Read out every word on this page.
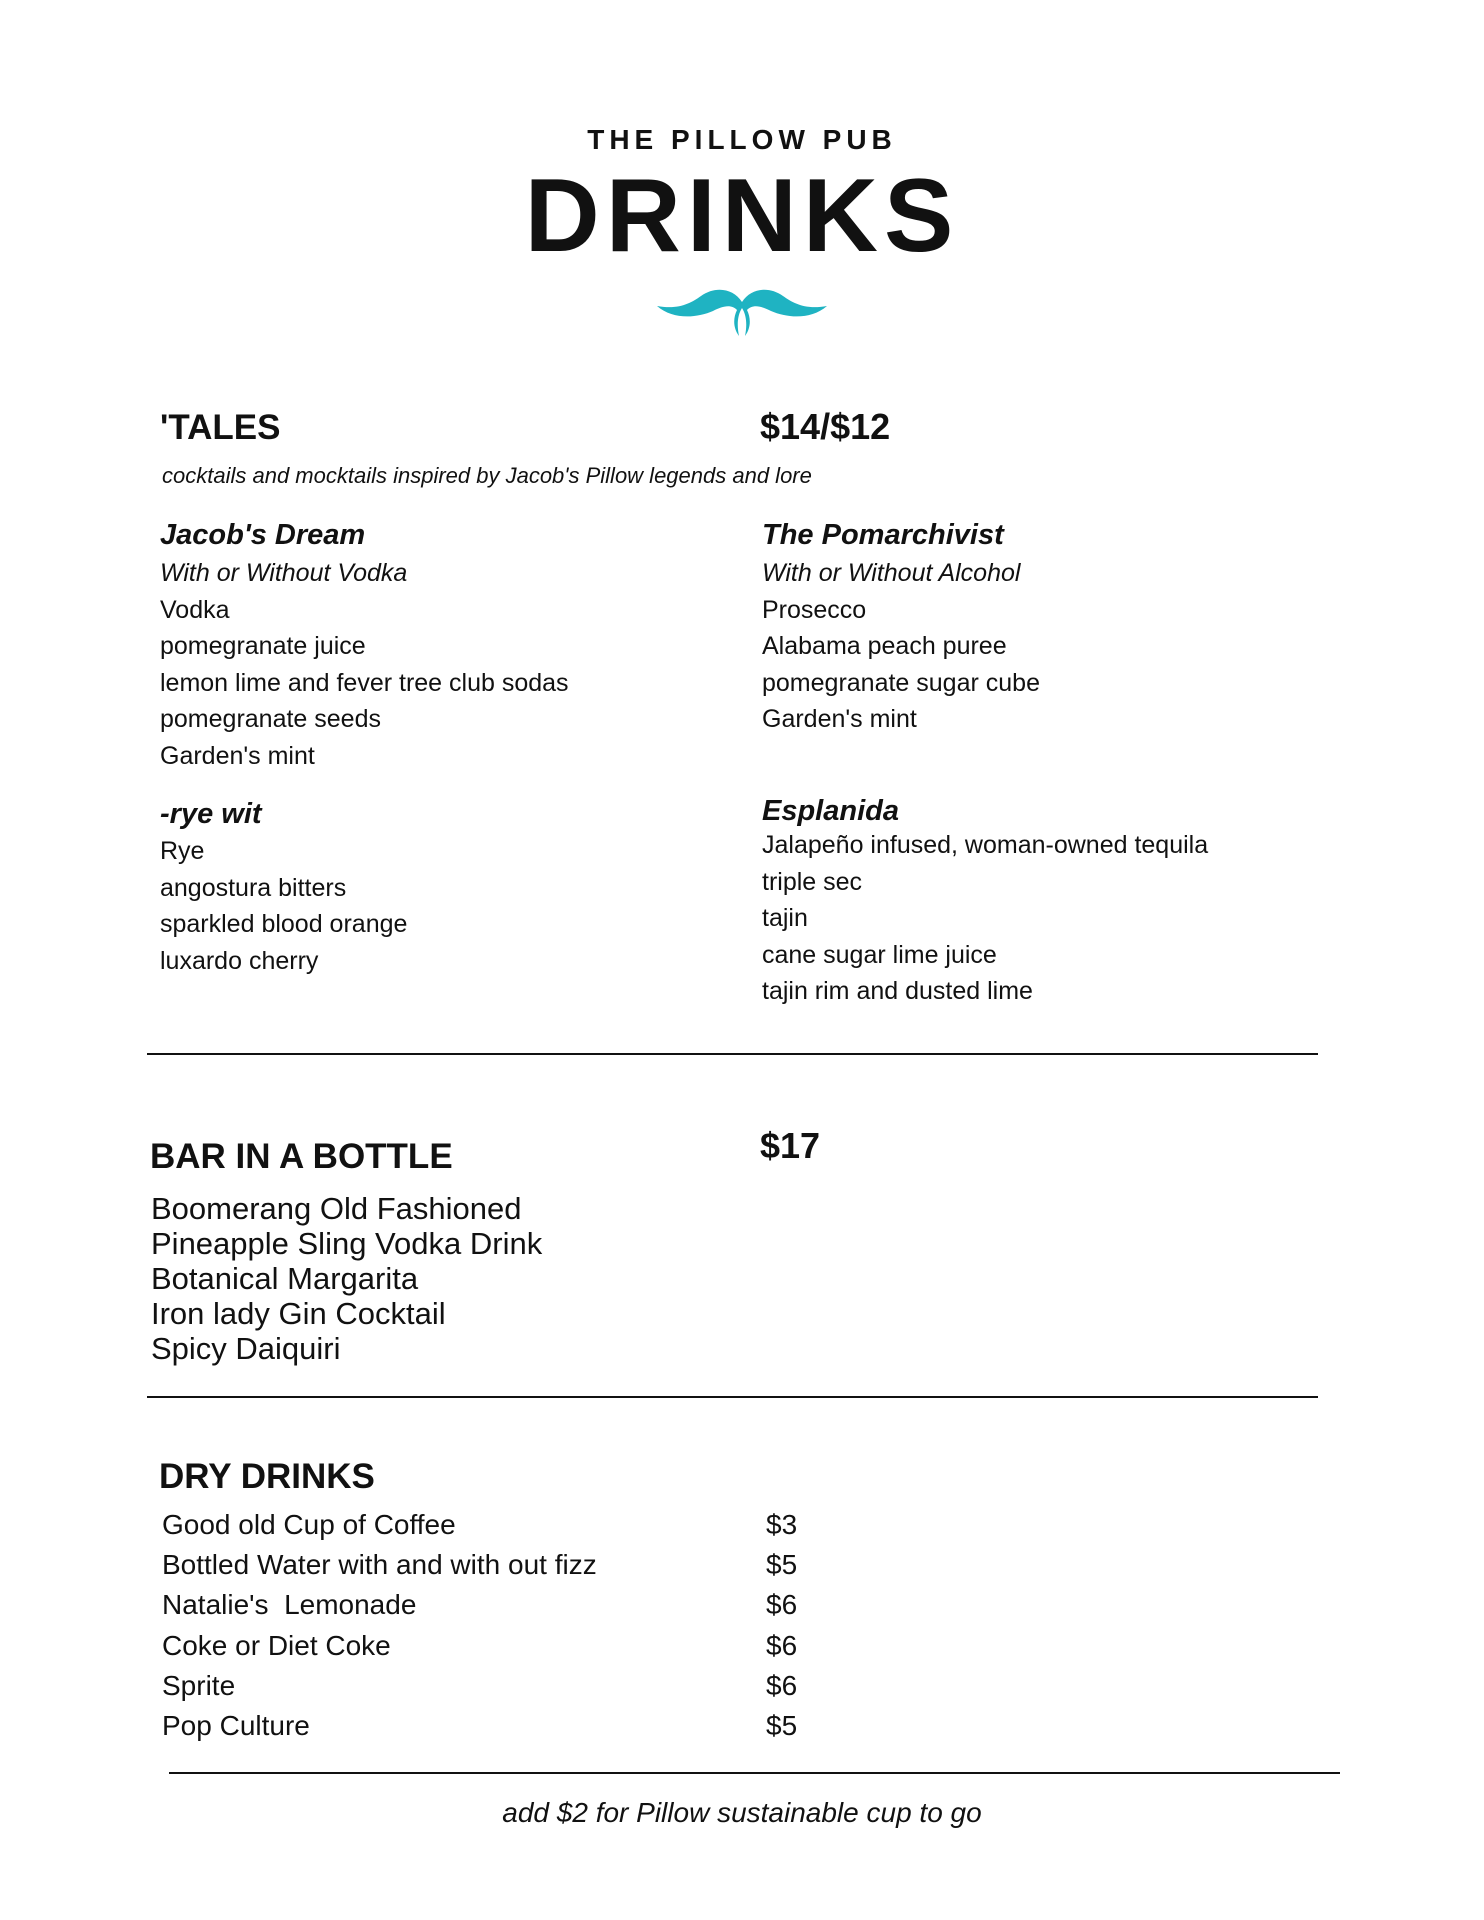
THE PILLOW PUB
DRINKS
'TALES	$14/$12
cocktails and mocktails inspired by Jacob's Pillow legends and lore
Jacob's Dream
With or Without Vodka
Vodka
pomegranate juice
lemon lime and fever tree club sodas
pomegranate seeds
Garden's mint
The Pomarchivist
With or Without Alcohol
Prosecco
Alabama peach puree
pomegranate sugar cube
Garden's mint
-rye wit
Rye
angostura bitters
sparkled blood orange
luxardo cherry
Esplanida
Jalapeño infused, woman-owned tequila
triple sec
tajin
cane sugar lime juice
tajin rim and dusted lime
BAR IN A BOTTLE	$17
Boomerang Old Fashioned
Pineapple Sling Vodka Drink
Botanical Margarita
Iron lady Gin Cocktail
Spicy Daiquiri
DRY DRINKS
Good old Cup of Coffee	$3
Bottled Water with and with out fizz	$5
Natalie's  Lemonade	$6
Coke or Diet Coke	$6
Sprite	$6
Pop Culture	$5
add $2 for Pillow sustainable cup to go
